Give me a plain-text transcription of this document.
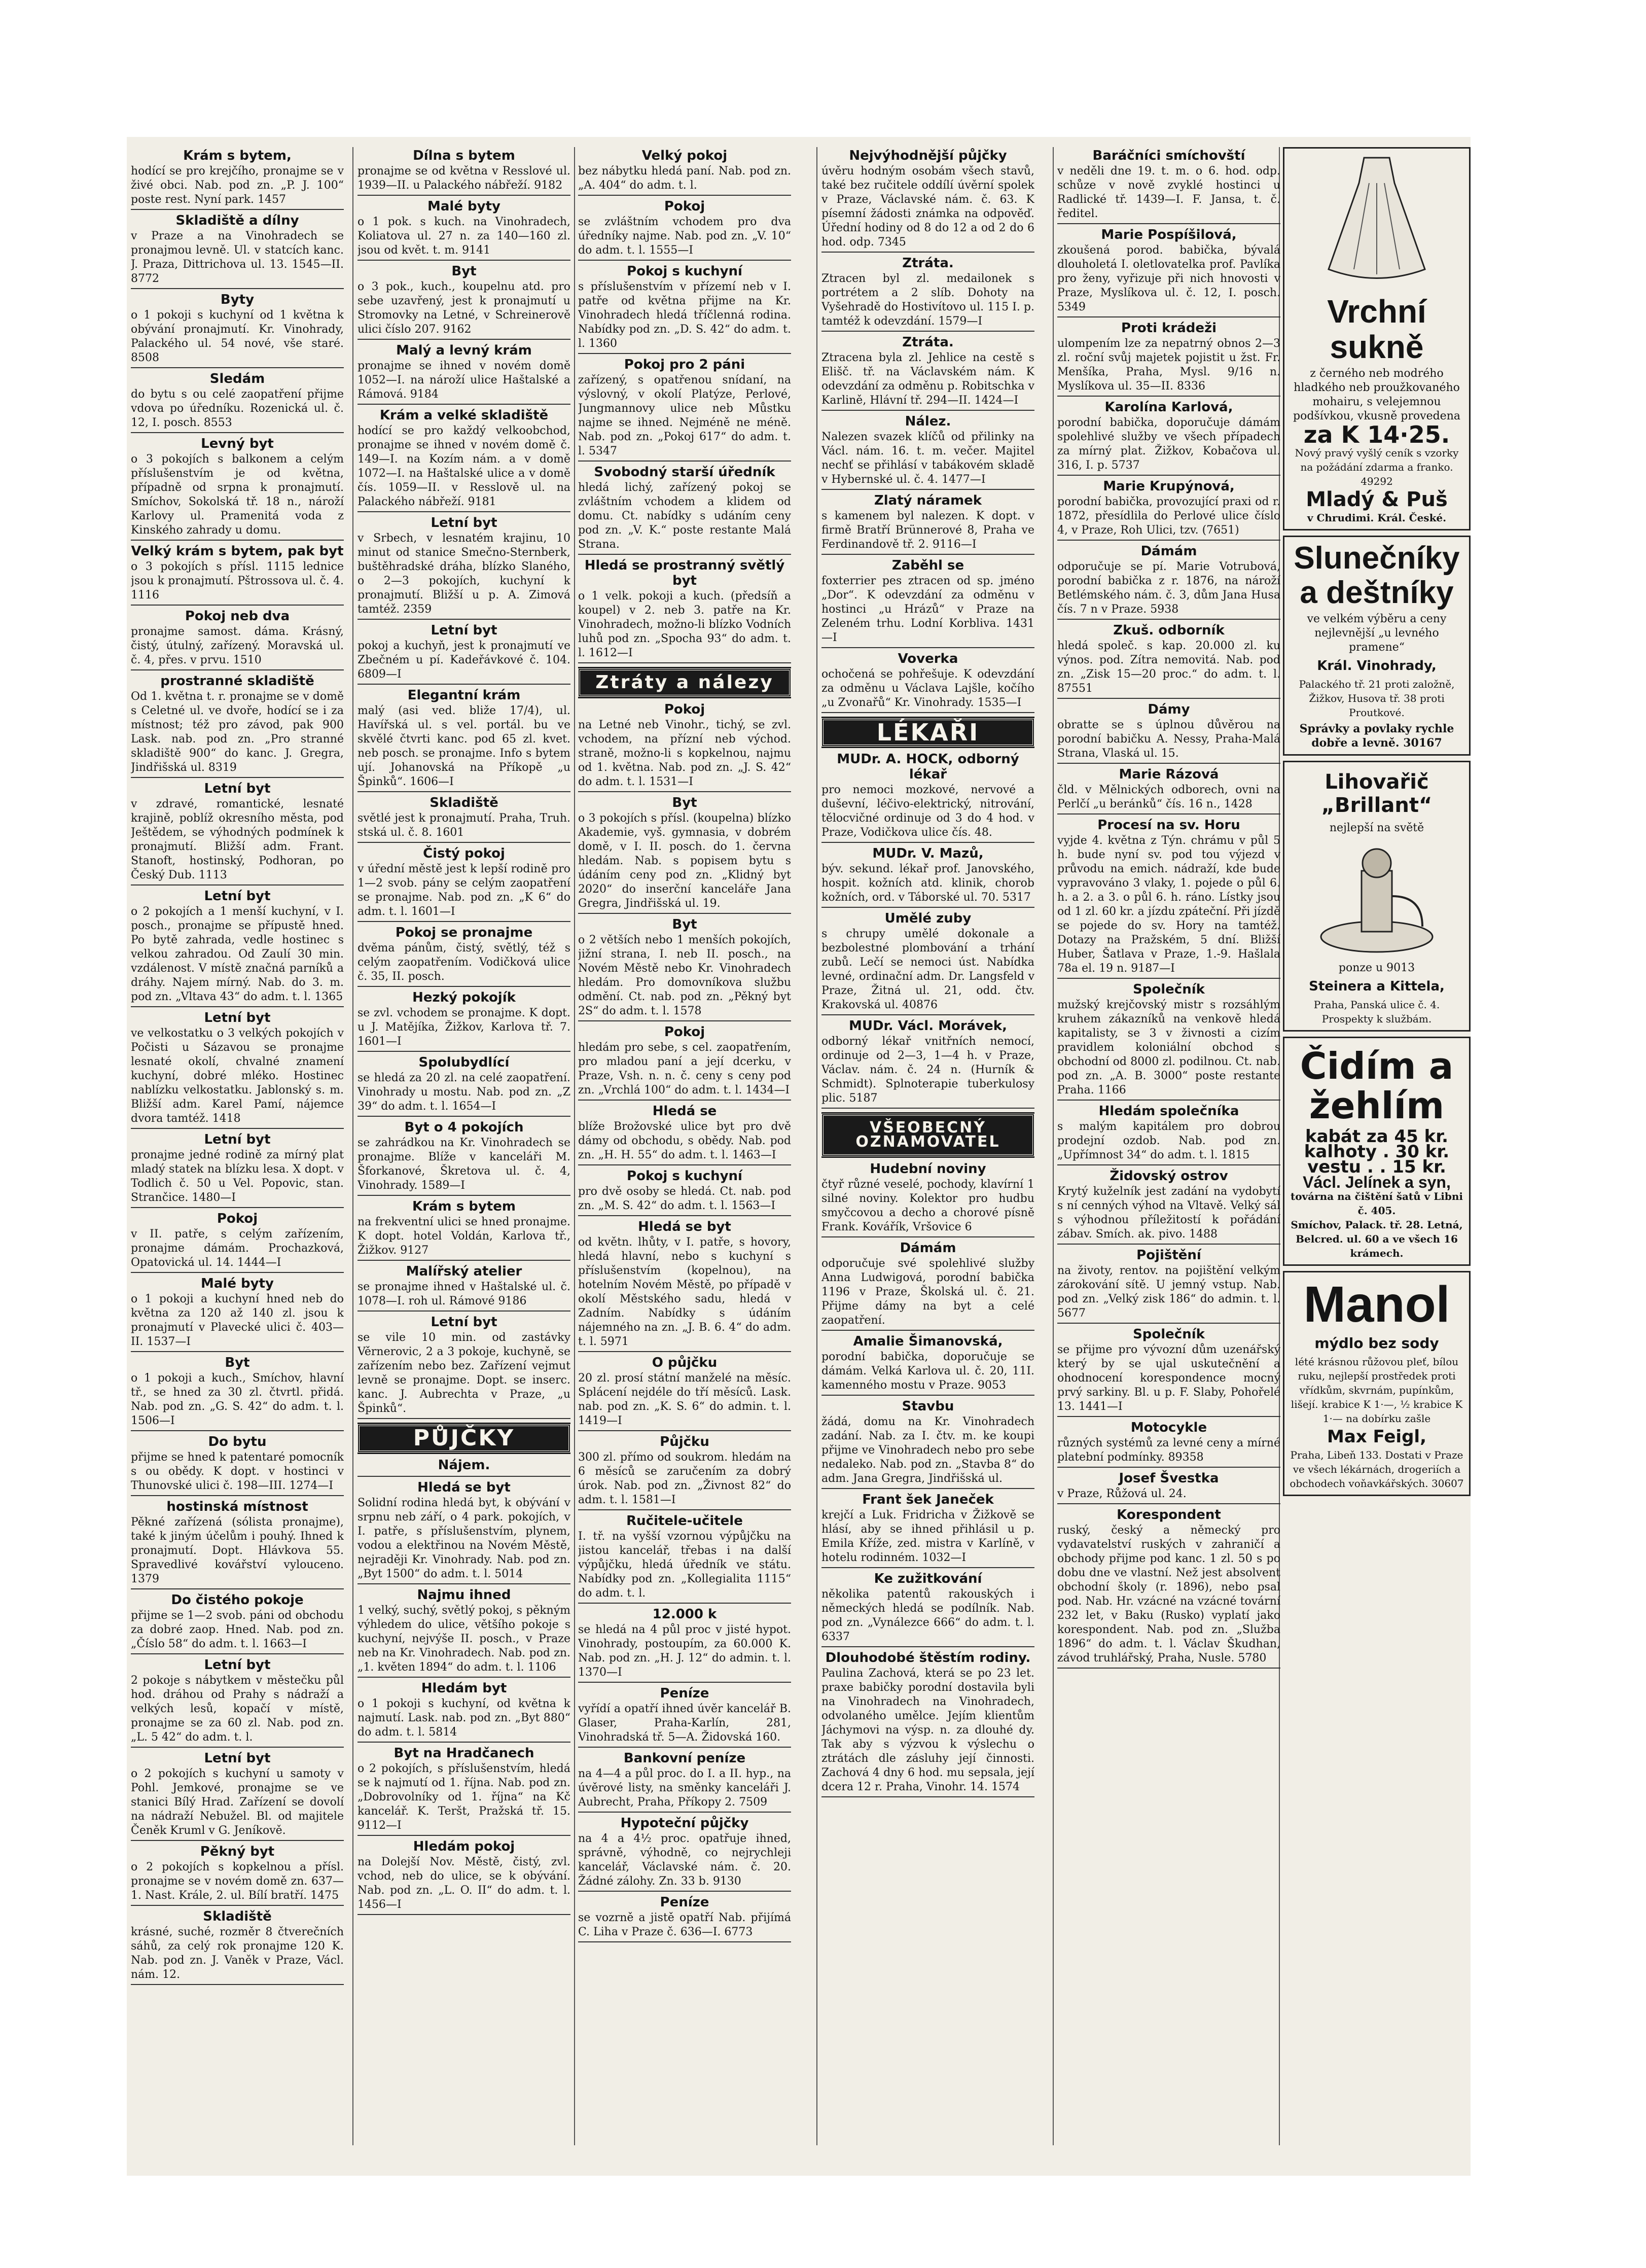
Krám s bytem,

hodící se pro krejčího, pronajme se v živé obci. Nab. pod zn. „P. J. 100“ poste rest. Nyní park. 1457

Skladiště a dílny

v Praze a na Vinohradech se pronajmou levně. Ul. v statcích kanc. J. Praza, Dittrichova ul. 13. 1545—II. 8772

Byty

o 1 pokoji s kuchyní od 1 května k obývání pronajmutí. Kr. Vinohrady, Palackého ul. 54 nové, vše staré. 8508

Sledám

do bytu s ou celé zaopatření přijme vdova po úředníku. Rozenická ul. č. 12, I. posch. 8553

Levný byt

o 3 pokojích s balkonem a celým příslušenstvím je od května, případně od srpna k pronajmutí. Smíchov, Sokolská tř. 18 n., nároží Karlovy ul. Pramenitá voda z Kinského zahrady u domu.

Velký krám s bytem, pak byt

o 3 pokojích s přísl. 1115 lednice jsou k pronajmutí. Pštrossova ul. č. 4. 1116

Pokoj neb dva

pronajme samost. dáma. Krásný, čistý, útulný, zařízený. Moravská ul. č. 4, přes. v prvu. 1510

prostranné skladiště

Od 1. května t. r. pronajme se v domě s Celetné ul. ve dvoře, hodící se i za místnost; též pro závod, pak 900 Lask. nab. pod zn. „Pro stranné skladiště 900“ do kanc. J. Gregra, Jindřišská ul. 8319

Letní byt

v zdravé, romantické, lesnaté krajině, poblíž okresního města, pod Ještědem, se výhodných podmínek k pronajmutí. Bližší adm. Frant. Stanoft, hostinský, Podhoran, po Český Dub. 1113

Letní byt

o 2 pokojích a 1 menší kuchyní, v I. posch., pronajme se přípustě hned. Po bytě zahrada, vedle hostinec s velkou zahradou. Od Zaulí 30 min. vzdálenost. V místě značná parníků a dráhy. Najem mírný. Nab. do 3. m. pod zn. „Vltava 43“ do adm. t. l. 1365

Letní byt

ve velkostatku o 3 velkých pokojích v Počisti u Sázavou se pronajme lesnaté okolí, chvalné znamení kuchyní, dobré mléko. Hostinec nablízku velkostatku. Jablonský s. m. Bližší adm. Karel Pamí, nájemce dvora tamtéž. 1418

Letní byt

pronajme jedné rodině za mírný plat mladý statek na blízku lesa. X dopt. v Todlich č. 50 u Vel. Popovic, stan. Strančice. 1480—I

Pokoj

v II. patře, s celým zařízením, pronajme dámám. Prochazková, Opatovická ul. 14. 1444—I

Malé byty

o 1 pokoji a kuchyní hned neb do května za 120 až 140 zl. jsou k pronajmutí v Plavecké ulici č. 403—II. 1537—I

Byt

o 1 pokoji a kuch., Smíchov, hlavní tř., se hned za 30 zl. čtvrtl. přidá. Nab. pod zn. „G. S. 42“ do adm. t. l. 1506—I

Do bytu

přijme se hned k patentaré pomocník s ou obědy. K dopt. v hostinci v Thunovské ulici č. 198—III. 1274—I

hostinská místnost

Pěkné zařízená (sólista pronajme), také k jiným účelům i pouhý. Ihned k pronajmutí. Dopt. Hlávkova 55. Spravedlivé kovářství vylouceno. 1379

Do čistého pokoje

přijme se 1—2 svob. páni od obchodu za dobré zaop. Hned. Nab. pod zn. „Číslo 58“ do adm. t. l. 1663—I

Letní byt

2 pokoje s nábytkem v městečku půl hod. dráhou od Prahy s nádraží a velkých lesů, kopačí v místě, pronajme se za 60 zl. Nab. pod zn. „L. 5 42“ do adm. t. l.

Letní byt

o 2 pokojích s kuchyní u samoty v Pohl. Jemkové, pronajme se ve stanici Bílý Hrad. Zařízení se dovolí na nádraží Nebužel. Bl. od majitele Čeněk Kruml v G. Jeníkově.

Pěkný byt

o 2 pokojích s kopkelnou a přísl. pronajme se v novém domě zn. 637—1. Nast. Krále, 2. ul. Bílí bratří. 1475

Skladiště

krásné, suché, rozměr 8 čtverečních sáhů, za celý rok pronajme 120 K. Nab. pod zn. J. Vaněk v Praze, Václ. nám. 12.

Dílna s bytem

pronajme se od května v Resslové ul. 1939—II. u Palackého nábřeží. 9182

Malé byty

o 1 pok. s kuch. na Vinohradech, Koliatova ul. 27 n. za 140—160 zl. jsou od květ. t. m. 9141

Byt

o 3 pok., kuch., koupelnu atd. pro sebe uzavřený, jest k pronajmutí u Stromovky na Letné, v Schreinerově ulici číslo 207. 9162

Malý a levný krám

pronajme se ihned v novém domě 1052—I. na nároží ulice Haštalské a Rámová. 9184

Krám a velké skladiště

hodící se pro každý velkoobchod, pronajme se ihned v novém domě č. 149—I. na Kozím nám. a v domě 1072—I. na Haštalské ulice a v domě čís. 1059—II. v Resslově ul. na Palackého nábřeží. 9181

Letní byt

v Srbech, v lesnatém krajinu, 10 minut od stanice Smečno-Sternberk, buštěhradské dráha, blízko Slaného, o 2—3 pokojích, kuchyní k pronajmutí. Bližší u p. A. Zimová tamtéž. 2359

Letní byt

pokoj a kuchyň, jest k pronajmutí ve Zbečném u pí. Kadeřávkové č. 104. 6809—I

Elegantní krám

malý (asi ved. bliže 17/4), ul. Havířská ul. s vel. portál. bu ve skvělé čtvrti kanc. pod 65 zl. kvet. neb posch. se pronajme. Info s bytem ují. Johanovská na Příkopě „u Špinků“. 1606—I

Skladiště

světlé jest k pronajmutí. Praha, Truh. stská ul. č. 8. 1601

Čistý pokoj

v úřední městě jest k lepší rodině pro 1—2 svob. pány se celým zaopatření se pronajme. Nab. pod zn. „K 6“ do adm. t. l. 1601—I

Pokoj se pronajme

dvěma pánům, čistý, světlý, též s celým zaopatřením. Vodičková ulice č. 35, II. posch.

Hezký pokojík

se zvl. vchodem se pronajme. K dopt. u J. Matějíka, Žižkov, Karlova tř. 7. 1601—I

Spolubydlící

se hledá za 20 zl. na celé zaopatření. Vinohrady u mostu. Nab. pod zn. „Z 39“ do adm. t. l. 1654—I

Byt o 4 pokojích

se zahrádkou na Kr. Vinohradech se pronajme. Blíže v kanceláři M. Šforkanové, Škretova ul. č. 4, Vinohrady. 1589—I

Krám s bytem

na frekventní ulici se hned pronajme. K dopt. hotel Voldán, Karlova tř., Žižkov. 9127

Malířský atelier

se pronajme ihned v Haštalské ul. č. 1078—I. roh ul. Rámové 9186

Letní byt

se vile 10 min. od zastávky Věrnerovic, 2 a 3 pokoje, kuchyně, se zařízením nebo bez. Zařízení vejmut levně se pronajme. Dopt. se inserc. kanc. J. Aubrechta v Praze, „u Špinků“.

PŮJČKY
Nájem.
Hledá se byt

Solidní rodina hledá byt, k obývání v srpnu neb září, o 4 park. pokojích, v I. patře, s příslušenstvím, plynem, vodou a elektřinou na Novém Městě, nejraději Kr. Vinohrady. Nab. pod zn. „Byt 1500“ do adm. t. l. 5014

Najmu ihned

1 velký, suchý, světlý pokoj, s pěkným výhledem do ulice, většího pokoje s kuchyní, nejvýše II. posch., v Praze neb na Kr. Vinohradech. Nab. pod zn. „1. květen 1894“ do adm. t. l. 1106

Hledám byt

o 1 pokoji s kuchyní, od května k najmutí. Lask. nab. pod zn. „Byt 880“ do adm. t. l. 5814

Byt na Hradčanech

o 2 pokojích, s příslušenstvím, hledá se k najmutí od 1. října. Nab. pod zn. „Dobrovolníky od 1. října“ na Kč kancelář. K. Teršt, Pražská tř. 15. 9112—I

Hledám pokoj

na Dolejší Nov. Městě, čistý, zvl. vchod, neb do ulice, se k obývání. Nab. pod zn. „L. O. II“ do adm. t. l. 1456—I

Velký pokoj

bez nábytku hledá paní. Nab. pod zn. „A. 404“ do adm. t. l.

Pokoj

se zvláštním vchodem pro dva úředníky najme. Nab. pod zn. „V. 10“ do adm. t. l. 1555—I

Pokoj s kuchyní

s příslušenstvím v přízemí neb v I. patře od května přijme na Kr. Vinohradech hledá tříčlenná rodina. Nabídky pod zn. „D. S. 42“ do adm. t. l. 1360

Pokoj pro 2 páni

zařízený, s opatřenou snídaní, na výslovný, v okolí Platýze, Perlové, Jungmannovy ulice neb Můstku najme se ihned. Nejméně ne méně. Nab. pod zn. „Pokoj 617“ do adm. t. l. 5347

Svobodný starší úředník

hledá lichý, zařízený pokoj se zvláštním vchodem a klidem od domu. Ct. nabídky s udáním ceny pod zn. „V. K.“ poste restante Malá Strana.

Hledá se prostranný světlý byt

o 1 velk. pokoji a kuch. (předsíň a koupel) v 2. neb 3. patře na Kr. Vinohradech, možno-li blízko Vodních luhů pod zn. „Spocha 93“ do adm. t. l. 1612—I

Ztráty a nálezy
Pokoj

na Letné neb Vinohr., tichý, se zvl. vchodem, na přízní neb východ. straně, možno-li s kopkelnou, najmu od 1. května. Nab. pod zn. „J. S. 42“ do adm. t. l. 1531—I

Byt

o 3 pokojích s přísl. (koupelna) blízko Akademie, vyš. gymnasia, v dobrém domě, v I. II. posch. do 1. června hledám. Nab. s popisem bytu s údáním ceny pod zn. „Klidný byt 2020“ do inserční kanceláře Jana Gregra, Jindřišská ul. 19.

Byt

o 2 větších nebo 1 menších pokojích, jižní strana, I. neb II. posch., na Novém Městě nebo Kr. Vinohradech hledám. Pro domovníkova službu odmění. Ct. nab. pod zn. „Pěkný byt 2S“ do adm. t. l. 1578

Pokoj

hledám pro sebe, s cel. zaopatřením, pro mladou paní a její dcerku, v Praze, Vsh. n. n. č. ceny s ceny pod zn. „Vrchlá 100“ do adm. t. l. 1434—I

Hledá se

blíže Brožovské ulice byt pro dvě dámy od obchodu, s obědy. Nab. pod zn. „H. H. 55“ do adm. t. l. 1463—I

Pokoj s kuchyní

pro dvě osoby se hledá. Ct. nab. pod zn. „M. S. 42“ do adm. t. l. 1563—I

Hledá se byt

od květn. lhůty, v I. patře, s hovory, hledá hlavní, nebo s kuchyní s příslušenstvím (kopelnou), na hotelním Novém Městě, po případě v okolí Městského sadu, hledá v Zadním. Nabídky s údáním nájemného na zn. „J. B. 6. 4“ do adm. t. l. 5971

O půjčku

20 zl. prosí státní manželé na měsíc. Splácení nejdéle do tří měsíců. Lask. nab. pod zn. „K. S. 6“ do admin. t. l. 1419—I

Půjčku

300 zl. přímo od soukrom. hledám na 6 měsíců se zaručením za dobrý úrok. Nab. pod zn. „Živnost 82“ do adm. t. l. 1581—I

Ručitele-učitele

I. tř. na vyšší vzornou výpůjčku na jistou kancelář, třebas i na další výpůjčku, hledá úředník ve státu. Nabídky pod zn. „Kollegialita 1115“ do adm. t. l.

12.000 k

se hledá na 4 půl proc v jisté hypot. Vinohrady, postoupím, za 60.000 K. Nab. pod zn. „H. J. 12“ do admin. t. l. 1370—I

Peníze

vyřídí a opatří ihned úvěr kancelář B. Glaser, Praha-Karlín, 281, Vinohradská tř. 5—A. Židovská 160.

Bankovní peníze

na 4—4 a půl proc. do I. a II. hyp., na úvěrové listy, na směnky kanceláři J. Aubrecht, Praha, Příkopy 2. 7509

Hypoteční půjčky

na 4 a 4½ proc. opatřuje ihned, správně, výhodně, co nejrychleji kancelář, Václavské nám. č. 20. Žádné zálohy. Zn. 33 b. 9130

Peníze

se vozrně a jistě opatří Nab. přijímá C. Liha v Praze č. 636—I. 6773

Nejvýhodnější půjčky

úvěru hodným osobám všech stavů, také bez ručitele oddílí úvěrní spolek v Praze, Václavské nám. č. 63. K písemní žádosti známka na odpověď. Úřední hodiny od 8 do 12 a od 2 do 6 hod. odp. 7345

Ztráta.

Ztracen byl zl. medailonek s portrétem a 2 slíb. Dohoty na Vyšehradě do Hostivítovo ul. 115 I. p. tamtéž k odevzdání. 1579—I

Ztráta.

Ztracena byla zl. Jehlice na cestě s Elišč. tř. na Václavském nám. K odevzdání za odměnu p. Robitschka v Karlině, Hlávní tř. 294—II. 1424—I

Nález.

Nalezen svazek klíčů od přilinky na Václ. nám. 16. t. m. večer. Majitel nechť se přihlásí v tabákovém skladě v Hybernské ul. č. 4. 1477—I

Zlatý náramek

s kamenem byl nalezen. K dopt. v firmě Bratří Brünnerové 8, Praha ve Ferdinandově tř. 2. 9116—I

Zaběhl se

foxterrier pes ztracen od sp. jméno „Dor“. K odevzdání za odměnu v hostinci „u Hrázů“ v Praze na Zeleném trhu. Lodní Korbliva. 1431—I

Voverka

ochočená se pohřešuje. K odevzdání za odměnu u Václava Lajšle, kočího „u Zvonařů“ Kr. Vinohrady. 1535—I

LÉKAŘI
MUDr. A. HOCK, odborný lékař

pro nemoci mozkové, nervové a duševní, léčivo-elektrický, nitrování, tělocvičné ordinuje od 3 do 4 hod. v Praze, Vodičkova ulice čís. 48.

MUDr. V. Mazů,

býv. sekund. lékař prof. Janovského, hospit. kožních atd. klinik, chorob kožních, ord. v Táborské ul. 70. 5317

Umělé zuby

s chrupy umělé dokonale a bezbolestné plombování a trhání zubů. Lečí se nemoci úst. Nabídka levné, ordinační adm. Dr. Langsfeld v Praze, Žitná ul. 21, odd. čtv. Krakovská ul. 40876

MUDr. Václ. Morávek,

odborný lékař vnitřních nemocí, ordinuje od 2—3, 1—4 h. v Praze, Václav. nám. č. 24 n. (Hurník & Schmidt). Splnoterapie tuberkulosy plic. 5187

VŠEOBECNÝ OZNAMOVATEL
Hudební noviny

čtyř různé veselé, pochody, klavírní 1 silné noviny. Kolektor pro hudbu smyčcovou a decho a chorové písně Frank. Kovářík, Vršovice 6

Dámám

odporučuje své spolehlivé služby Anna Ludwigová, porodní babička 1196 v Praze, Školská ul. č. 21. Přijme dámy na byt a celé zaopatření.

Amalie Šimanovská,

porodní babička, doporučuje se dámám. Velká Karlova ul. č. 20, 11I. kamenného mostu v Praze. 9053

Stavbu

žádá, domu na Kr. Vinohradech zadání. Nab. za I. čtv. m. ke koupi přijme ve Vinohradech nebo pro sebe nedaleko. Nab. pod zn. „Stavba 8“ do adm. Jana Gregra, Jindřišská ul.

Frant šek Janeček

krejčí a Luk. Fridricha v Žižkově se hlásí, aby se ihned přihlásil u p. Emila Kříže, zed. mistra v Karlíně, v hotelu rodinném. 1032—I

Ke zužitkování

několika patentů rakouských i německých hledá se podílník. Nab. pod zn. „Vynálezce 666“ do adm. t. l. 6337

Dlouhodobé štěstím rodiny.

Paulina Zachová, která se po 23 let. praxe babičky porodní dostavila byli na Vinohradech na Vinohradech, odvolaného umělce. Jejím klientům Jáchymovi na výsp. n. za dlouhé dy. Tak aby s výzvou k výslechu o ztrátách dle zásluhy její činnosti. Zachová 4 dny 6 hod. mu sepsala, její dcera 12 r. Praha, Vinohr. 14. 1574

Baráčníci smíchovští

v neděli dne 19. t. m. o 6. hod. odp. schůze v nově zvyklé hostinci u Radlické tř. 1439—I. F. Jansa, t. č. ředitel.

Marie Pospíšilová,

zkoušená porod. babička, bývalá dlouholetá I. oletlovatelka prof. Pavlíka pro ženy, vyřizuje při nich hnovosti v Praze, Myslíkova ul. č. 12, I. posch. 5349

Proti krádeži

ulompením lze za nepatrný obnos 2—3 zl. roční svůj majetek pojistit u žst. Fr. Menšíka, Praha, Mysl. 9/16 n. Myslíkova ul. 35—II. 8336

Karolína Karlová,

porodní babička, doporučuje dámám spolehlivé služby ve všech případech za mírný plat. Žižkov, Kobačova ul. 316, I. p. 5737

Marie Krupýnová,

porodní babička, provozující praxi od r. 1872, přesídlila do Perlové ulice číslo 4, v Praze, Roh Ulici, tzv. (7651)

Dámám

odporučuje se pí. Marie Votrubová, porodní babička z r. 1876, na nároží Betlémského nám. č. 3, dům Jana Husa čís. 7 n v Praze. 5938

Zkuš. odborník

hledá společ. s kap. 20.000 zl. ku výnos. pod. Zítra nemovitá. Nab. pod zn. „Zisk 15—20 proc.“ do adm. t. l. 87551

Dámy

obratte se s úplnou důvěrou na porodní babičku A. Nessy, Praha-Malá Strana, Vlaská ul. 15.

Marie Rázová

čld. v Mělnických odborech, ovni na Perlčí „u beránků“ čís. 16 n., 1428

Procesí na sv. Horu

vyjde 4. května z Týn. chrámu v půl 5 h. bude nyní sv. pod tou výjezd v průvodu na emich. nádraží, kde bude vypravováno 3 vlaky, 1. pojede o půl 6. h. a 2. a 3. o půl 6. h. ráno. Lístky jsou od 1 zl. 60 kr. a jízdu zpáteční. Při jízdě se pojede do sv. Hory na tamtéž. Dotazy na Pražském, 5 dní. Bližší Huber, Šatlava v Praze, 1.-9. Hašlala 78a el. 19 n. 9187—I

Společník

mužský krejčovský mistr s rozsáhlým kruhem zákazníků na venkově hledá kapitalisty, se 3 v živnosti a cizím pravidlem koloniální obchod s obchodní od 8000 zl. podilnou. Ct. nab. pod zn. „A. B. 3000“ poste restante Praha. 1166

Hledám společníka

s malým kapitálem pro dobrou prodejní ozdob. Nab. pod zn. „Upřímnost 34“ do adm. t. l. 1815

Židovský ostrov

Krytý kuželník jest zadání na vydobytí s ní cenných výhod na Vltavě. Velký sál s výhodnou příležitostí k pořádání zábav. Smích. ak. pivo. 1488

Pojištění

na životy, rentov. na pojištění velkým zárokování sítě. U jemný vstup. Nab. pod zn. „Velký zisk 186“ do admin. t. l. 5677

Společník

se přijme pro vývozní dům uzenářský který by se ujal uskutečnění a ohodnocení korespondence mocný prvý sarkiny. Bl. u p. F. Slaby, Pohořelé 13. 1441—I

Motocykle

různých systémů za levné ceny a mírné platební podmínky. 89358

Josef Švestka

v Praze, Růžová ul. 24.

Korespondent

ruský, český a německý pro vydavatelství ruských v zahraničí a obchody přijme pod kanc. 1 zl. 50 s po dobu dne ve vlastní. Než jest absolvent obchodní školy (r. 1896), nebo psal pod. Nab. Hr. vzácné na vzácné tovární 232 let, v Baku (Rusko) vyplatí jako korespondent. Nab. pod zn. „Služba 1896“ do adm. t. l. Václav Škudhan, závod truhlářský, Praha, Nusle. 5780

Vrchní sukně

z černého neb modrého hladkého neb proužkovaného mohairu, s velejemnou podšívkou, vkusně provedena

za K 14·25.

Nový pravý vyšlý ceník s vzorky na požádání zdarma a franko. 49292

Mladý & Puš
v Chrudimi. Král. České.
Slunečníky a deštníky

ve velkém výběru a ceny nejlevnější „u levného pramene“

Král. Vinohrady,

Palackého tř. 21 proti založně, Žižkov, Husova tř. 38 proti Proutkové.

Správky a povlaky rychle dobře a levně. 30167
Lihovařič „Brillant“
nejlepší na světě
ponze u 9013
Steinera a Kittela,
Praha, Panská ulice č. 4. Prospekty k službám.
Čidím a žehlím
kabát za 45 kr.
kalhoty . 30 kr.
vestu . . 15 kr.
Václ. Jelínek a syn,
továrna na čištění šatů v Libni č. 405.
Smíchov, Palack. tř. 28. Letná, Belcred. ul. 60 a ve všech 16 krámech.
Manol
mýdlo bez sody

lété krásnou růžovou pleť, bílou ruku, nejlepší prostředek proti vřídkům, skvrnám, pupínkům, lišejí. krabice K 1·—, ½ krabice K 1·— na dobírku zašle

Max Feigl,
Praha, Libeň 133. Dostati v Praze ve všech lékárnách, drogeriích a obchodech voňavkářských. 30607
